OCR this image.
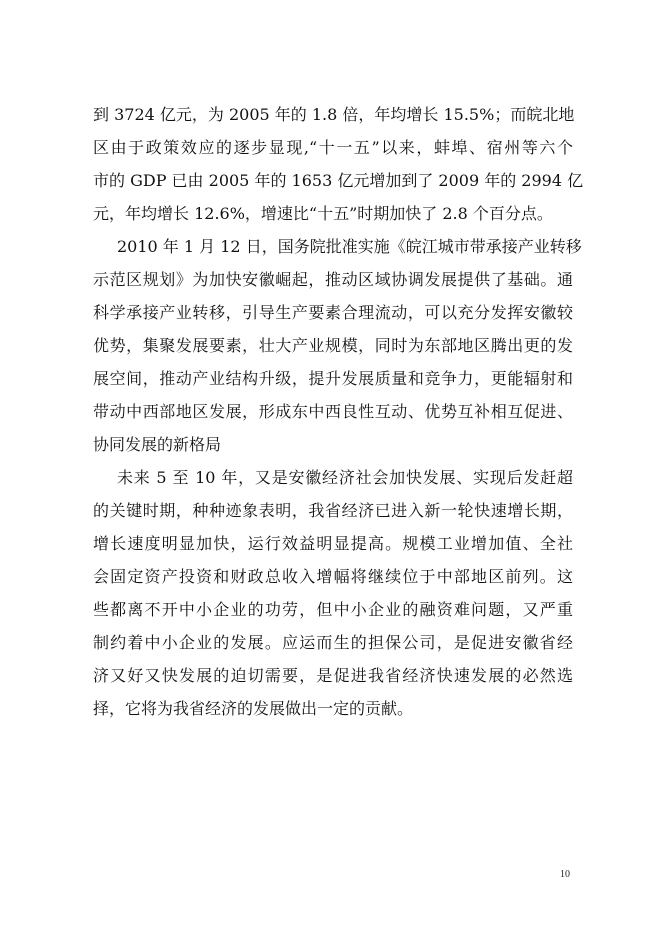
到 3724 亿元，为 2005 年的 1.8 倍，年均增长 15.5%；而皖北地
区由于政策效应的逐步显现,“十一五”以来，蚌埠、宿州等六个
市的 GDP 已由 2005 年的 1653 亿元增加到了 2009 年的 2994 亿
元，年均增长 12.6%，增速比“十五”时期加快了 2.8 个百分点。
2010 年 1 月 12 日，国务院批准实施《皖江城市带承接产业转移
示范区规划》为加快安徽崛起，推动区域协调发展提供了基础。通
科学承接产业转移，引导生产要素合理流动，可以充分发挥安徽较
优势，集聚发展要素，壮大产业规模，同时为东部地区腾出更的发
展空间，推动产业结构升级，提升发展质量和竞争力，更能辐射和
带动中西部地区发展，形成东中西良性互动、优势互补相互促进、
协同发展的新格局
未来 5 至 10 年，又是安徽经济社会加快发展、实现后发赶超
的关键时期，种种迹象表明，我省经济已进入新一轮快速增长期，
增长速度明显加快，运行效益明显提高。规模工业增加值、全社
会固定资产投资和财政总收入增幅将继续位于中部地区前列。这
些都离不开中小企业的功劳，但中小企业的融资难问题，又严重
制约着中小企业的发展。应运而生的担保公司，是促进安徽省经
济又好又快发展的迫切需要，是促进我省经济快速发展的必然选
择，它将为我省经济的发展做出一定的贡献。
10
